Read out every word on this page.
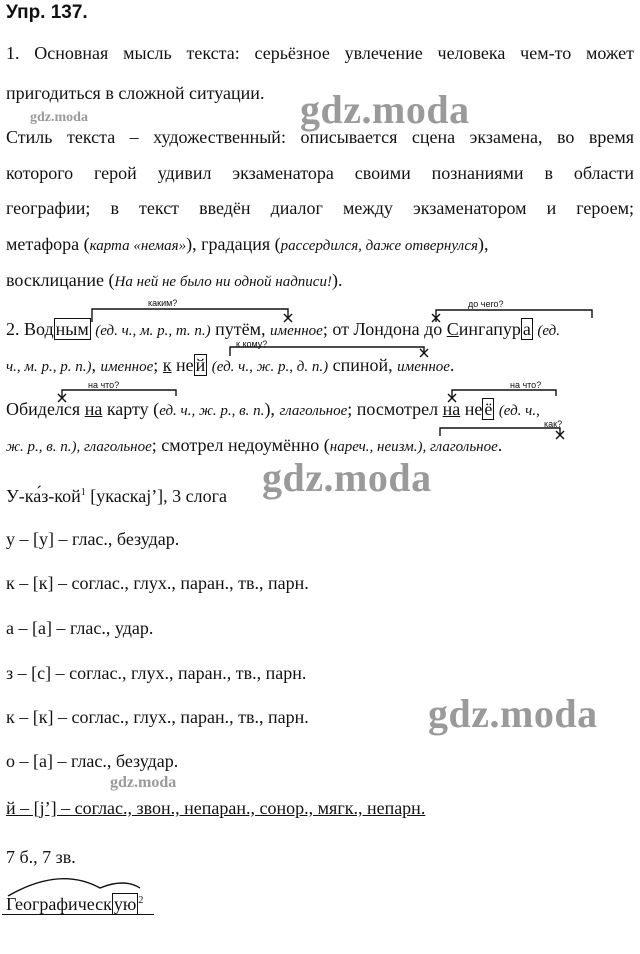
Упр. 137.
1. Основная мысль текста: серьёзное увлечение человека чем-то может
пригодиться в сложной ситуации.
Стиль текста – художественный: описывается сцена экзамена, во время
которого герой удивил экзаменатора своими познаниями в области
географии; в текст введён диалог между экзаменатором и героем;
метафора (карта «немая»), градация (рассердился, даже отвернулся),
восклицание (На ней не было ни одной надписи!).
каким?	до чего?
к кому?
на что?	на что?
как?
2. Вод ным (ед. ч., м. р., т. п.) путём, именное; от Лондона до Сингапур а (ед.
ч., м. р., р. п.), именное; к не й (ед. ч., ж. р., д. п.) спиной, именное.
Обиделся на карту (ед. ч., ж. р., в. п.), глагольное; посмотрел на не ё (ед. ч.,
ж. р., в. п.), глагольное; смотрел недоумённо (нареч., неизм.), глагольное.
У-ка́з-кой$^1$ [укаскаj’], 3 слога
у – [у] – глас., безудар.
к – [к] – соглас., глух., паран., тв., парн.
а – [а] – глас., удар.
з – [с] – соглас., глух., паран., тв., парн.
к – [к] – соглас., глух., паран., тв., парн.
о – [а] – глас., безудар.
й – [j’] – соглас., звон., непаран., сонор., мягк., непарн.
7 б., 7 зв.
Географическ ую $^2$
gdz.moda
gdz.moda
gdz.moda
gdz.moda
gdz.moda
